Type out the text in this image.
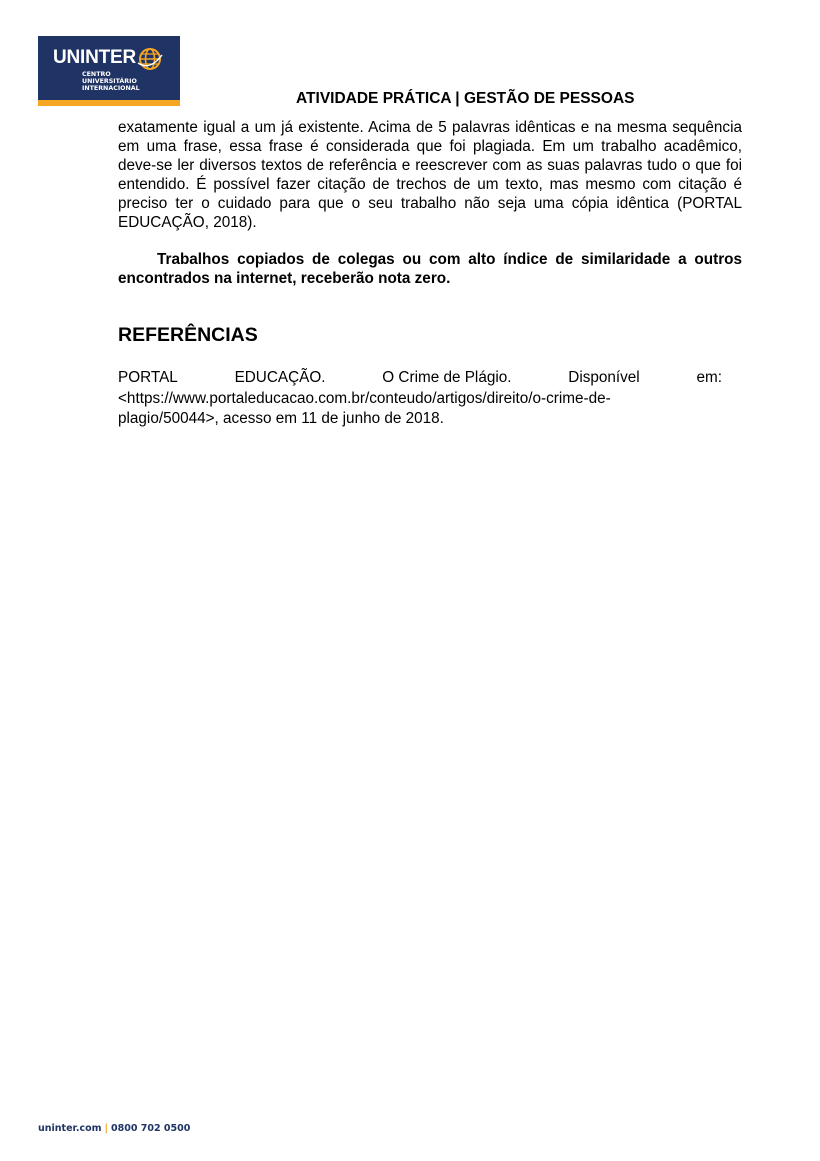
UNINTER
CENTRO
UNIVERSITÁRIO
INTERNACIONAL
ATIVIDADE PRÁTICA | GESTÃO DE PESSOAS

exatamente igual a um já existente. Acima de 5 palavras idênticas e na mesma sequência em uma frase, essa frase é considerada que foi plagiada. Em um trabalho acadêmico, deve-se ler diversos textos de referência e reescrever com as suas palavras tudo o que foi entendido. É possível fazer citação de trechos de um texto, mas mesmo com citação é preciso ter o cuidado para que o seu trabalho não seja uma cópia idêntica (PORTAL EDUCAÇÃO, 2018).

Trabalhos copiados de colegas ou com alto índice de similaridade a outros encontrados na internet, receberão nota zero.

REFERÊNCIAS
PORTAL	EDUCAÇÃO.	O Crime de Plágio.	Disponível	em:
<https://www.portaleducacao.com.br/conteudo/artigos/direito/o-crime-de-
plagio/50044>, acesso em 11 de junho de 2018.
uninter.com | 0800 702 0500
